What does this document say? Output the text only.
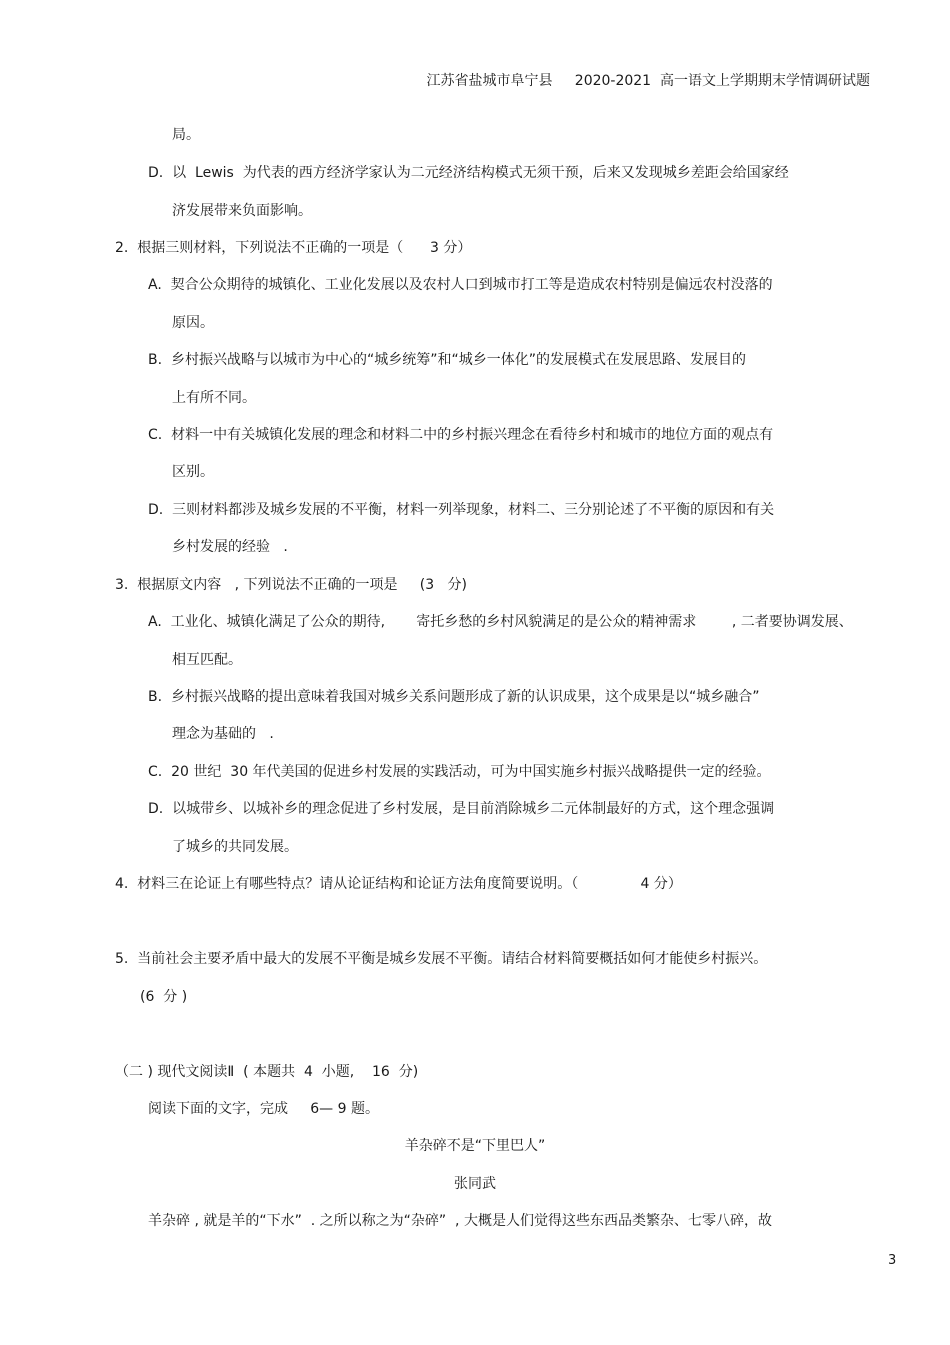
江苏省盐城市阜宁县     2020-2021  高一语文上学期期末学情调研试题
局。
D.  以  Lewis  为代表的西方经济学家认为二元经济结构模式无须干预，后来又发现城乡差距会给国家经
济发展带来负面影响。
2.  根据三则材料，下列说法不正确的一项是（      3 分）
A.  契合公众期待的城镇化、工业化发展以及农村人口到城市打工等是造成农村特别是偏远农村没落的
原因。
B.  乡村振兴战略与以城市为中心的“城乡统筹”和“城乡一体化”的发展模式在发展思路、发展目的
上有所不同。
C.  材料一中有关城镇化发展的理念和材料二中的乡村振兴理念在看待乡村和城市的地位方面的观点有
区别。
D.  三则材料都涉及城乡发展的不平衡，材料一列举现象，材料二、三分别论述了不平衡的原因和有关
乡村发展的经验   .
3.  根据原文内容   , 下列说法不正确的一项是     (3   分)
A.  工业化、城镇化满足了公众的期待,       寄托乡愁的乡村风貌满足的是公众的精神需求        , 二者要协调发展、
相互匹配。
B.  乡村振兴战略的提出意味着我国对城乡关系问题形成了新的认识成果，这个成果是以“城乡融合”
理念为基础的   .
C.  20 世纪  30 年代美国的促进乡村发展的实践活动，可为中国实施乡村振兴战略提供一定的经验。
D.  以城带乡、以城补乡的理念促进了乡村发展，是目前消除城乡二元体制最好的方式，这个理念强调
了城乡的共同发展。
4.  材料三在论证上有哪些特点？请从论证结构和论证方法角度简要说明。（              4 分）
5.  当前社会主要矛盾中最大的发展不平衡是城乡发展不平衡。请结合材料简要概括如何才能使乡村振兴。
(6  分 )
（二 ) 现代文阅读Ⅱ  ( 本题共  4  小题,    16  分)
阅读下面的文字，完成     6— 9 题。
羊杂碎不是“下里巴人”
张同武
羊杂碎 , 就是羊的“下水”  . 之所以称之为“杂碎”  , 大概是人们觉得这些东西品类繁杂、七零八碎，故
3
